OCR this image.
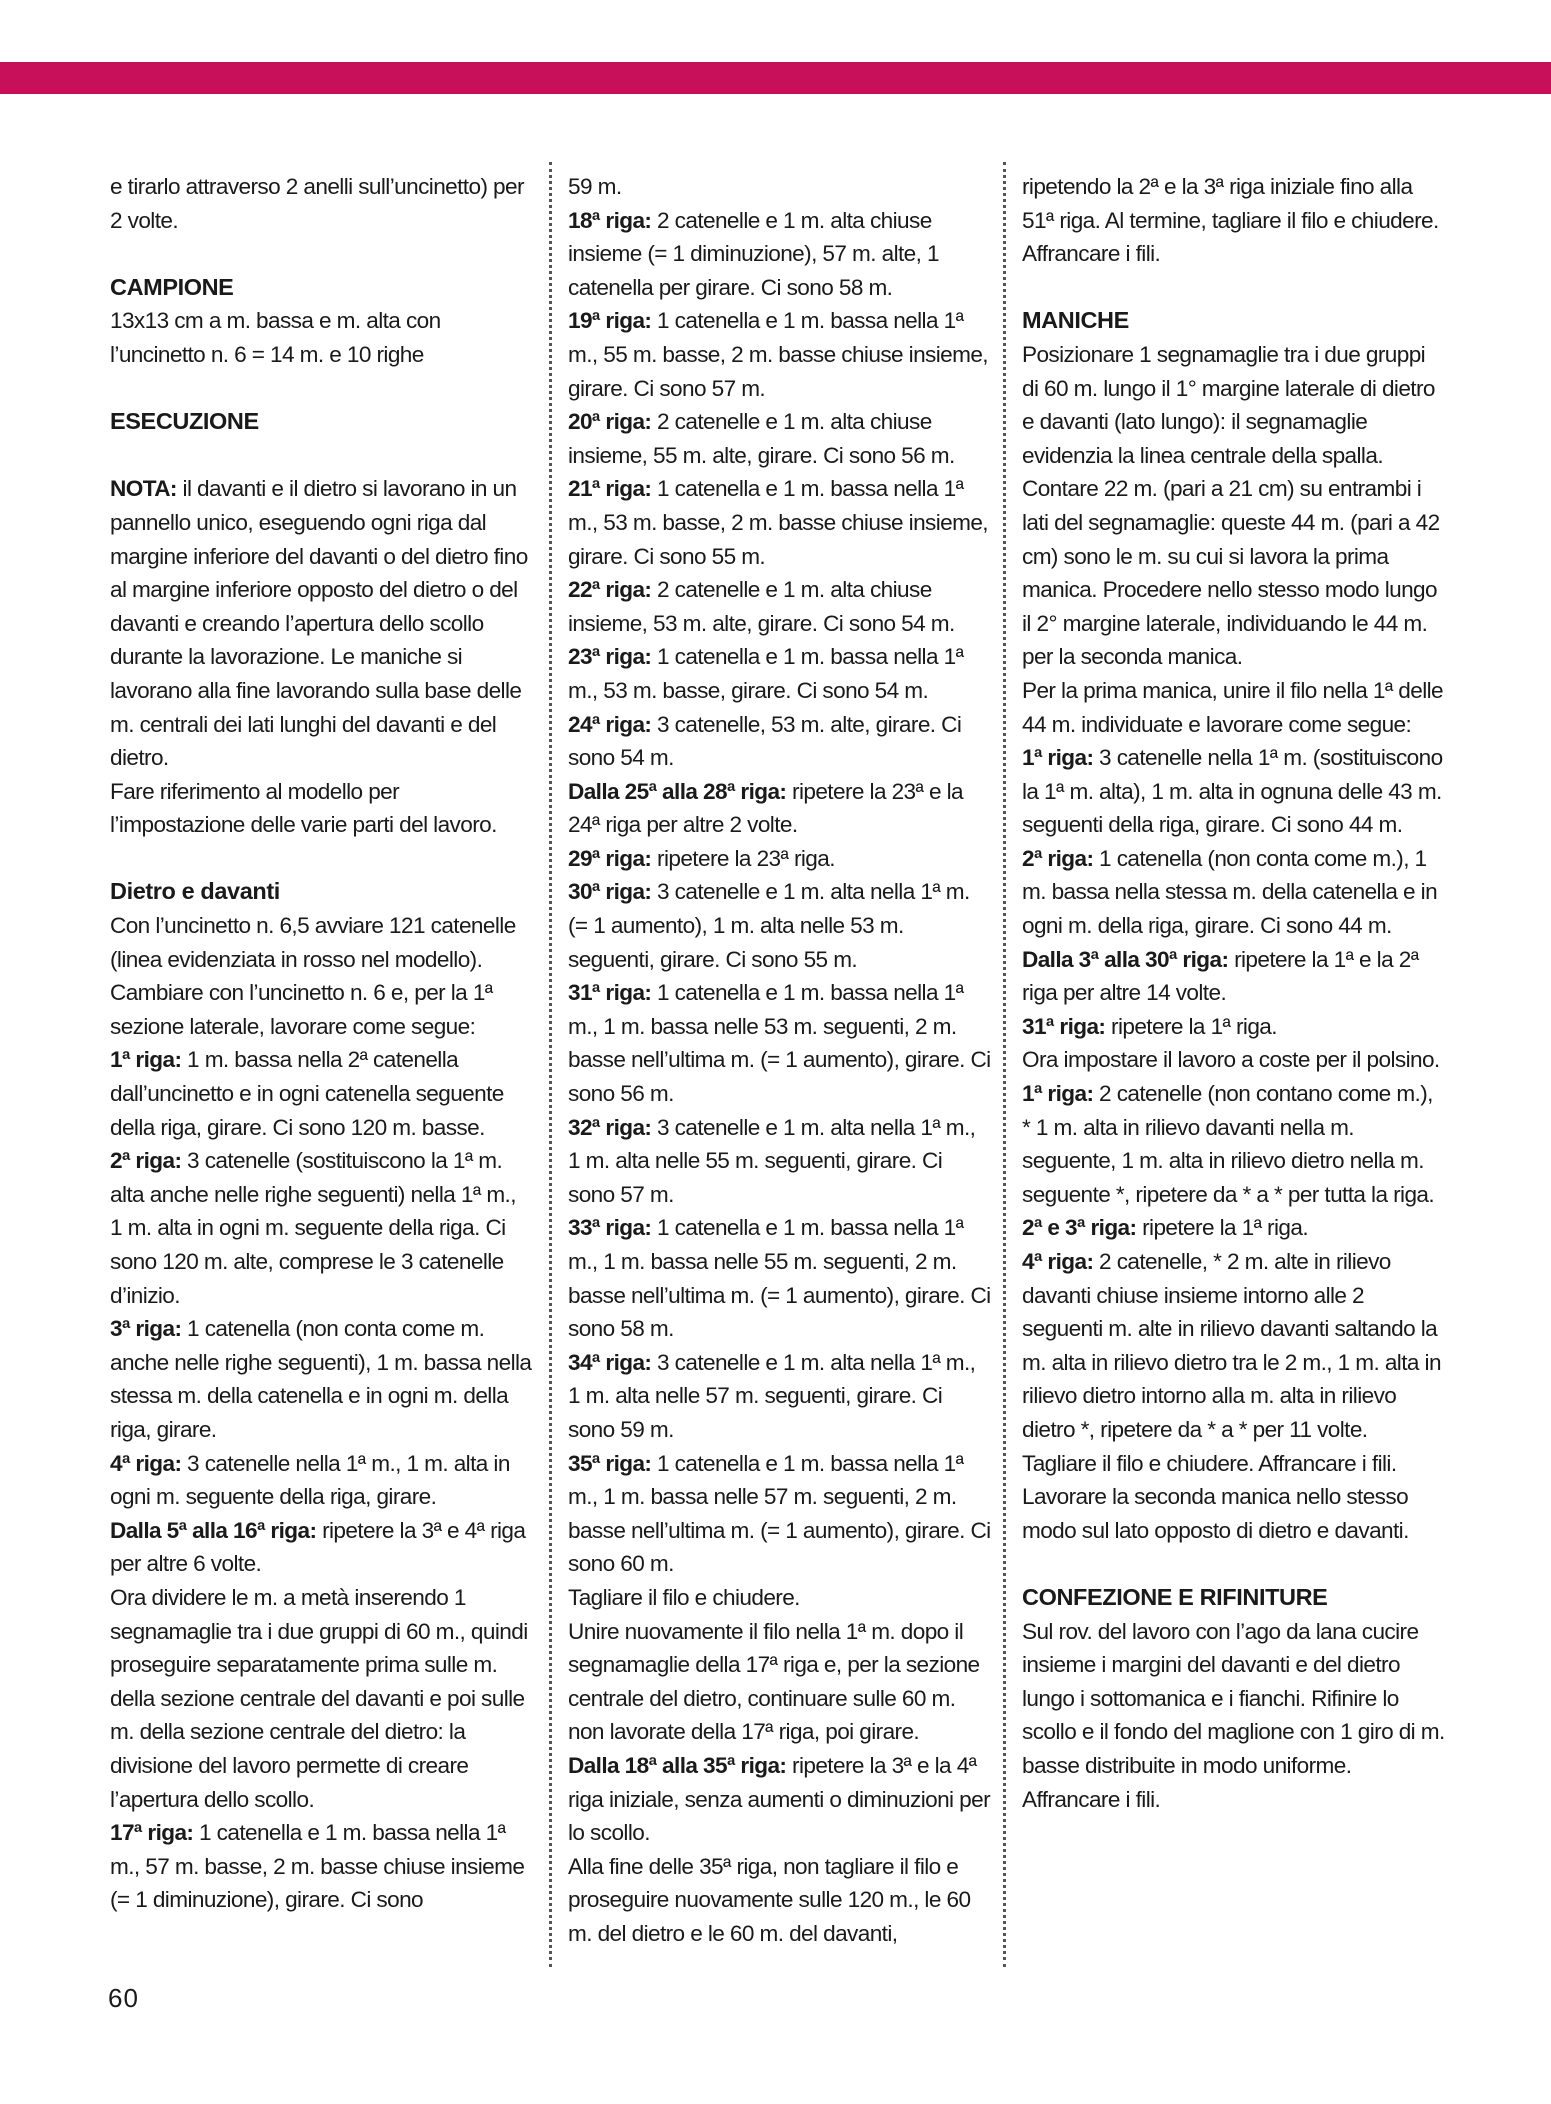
e tirarlo attraverso 2 anelli sull’uncinetto) per 2 volte.

CAMPIONE

13x13 cm a m. bassa e m. alta con l’uncinetto n. 6 = 14 m. e 10 righe

ESECUZIONE

NOTA: il davanti e il dietro si lavorano in un pannello unico, eseguendo ogni riga dal margine inferiore del davanti o del dietro fino al margine inferiore opposto del dietro o del davanti e creando l’apertura dello scollo durante la lavorazione. Le maniche si lavorano alla fine lavorando sulla base delle m. centrali dei lati lunghi del davanti e del dietro.

Fare riferimento al modello per l’impostazione delle varie parti del lavoro.

Dietro e davanti

Con l’uncinetto n. 6,5 avviare 121 catenelle (linea evidenziata in rosso nel modello). Cambiare con l’uncinetto n. 6 e, per la 1ª sezione laterale, lavorare come segue:

1ª riga: 1 m. bassa nella 2ª catenella dall’uncinetto e in ogni catenella seguente della riga, girare. Ci sono 120 m. basse.

2ª riga: 3 catenelle (sostituiscono la 1ª m. alta anche nelle righe seguenti) nella 1ª m., 1 m. alta in ogni m. seguente della riga. Ci sono 120 m. alte, comprese le 3 catenelle d’inizio.

3ª riga: 1 catenella (non conta come m. anche nelle righe seguenti), 1 m. bassa nella stessa m. della catenella e in ogni m. della riga, girare.

4ª riga: 3 catenelle nella 1ª m., 1 m. alta in ogni m. seguente della riga, girare.

Dalla 5ª alla 16ª riga: ripetere la 3ª e 4ª riga per altre 6 volte.

Ora dividere le m. a metà inserendo 1 segnamaglie tra i due gruppi di 60 m., quindi proseguire separatamente prima sulle m. della sezione centrale del davanti e poi sulle m. della sezione centrale del dietro: la divisione del lavoro permette di creare l’apertura dello scollo.

17ª riga: 1 catenella e 1 m. bassa nella 1ª m., 57 m. basse, 2 m. basse chiuse insieme (= 1 diminuzione), girare. Ci sono

59 m.

18ª riga: 2 catenelle e 1 m. alta chiuse insieme (= 1 diminuzione), 57 m. alte, 1 catenella per girare. Ci sono 58 m.

19ª riga: 1 catenella e 1 m. bassa nella 1ª m., 55 m. basse, 2 m. basse chiuse insieme, girare. Ci sono 57 m.

20ª riga: 2 catenelle e 1 m. alta chiuse insieme, 55 m. alte, girare. Ci sono 56 m.

21ª riga: 1 catenella e 1 m. bassa nella 1ª m., 53 m. basse, 2 m. basse chiuse insieme, girare. Ci sono 55 m.

22ª riga: 2 catenelle e 1 m. alta chiuse insieme, 53 m. alte, girare. Ci sono 54 m.

23ª riga: 1 catenella e 1 m. bassa nella 1ª m., 53 m. basse, girare. Ci sono 54 m.

24ª riga: 3 catenelle, 53 m. alte, girare. Ci sono 54 m.

Dalla 25ª alla 28ª riga: ripetere la 23ª e la 24ª riga per altre 2 volte.

29ª riga: ripetere la 23ª riga.

30ª riga: 3 catenelle e 1 m. alta nella 1ª m. (= 1 aumento), 1 m. alta nelle 53 m. seguenti, girare. Ci sono 55 m.

31ª riga: 1 catenella e 1 m. bassa nella 1ª m., 1 m. bassa nelle 53 m. seguenti, 2 m. basse nell’ultima m. (= 1 aumento), girare. Ci sono 56 m.

32ª riga: 3 catenelle e 1 m. alta nella 1ª m., 1 m. alta nelle 55 m. seguenti, girare. Ci sono 57 m.

33ª riga: 1 catenella e 1 m. bassa nella 1ª m., 1 m. bassa nelle 55 m. seguenti, 2 m. basse nell’ultima m. (= 1 aumento), girare. Ci sono 58 m.

34ª riga: 3 catenelle e 1 m. alta nella 1ª m., 1 m. alta nelle 57 m. seguenti, girare. Ci sono 59 m.

35ª riga: 1 catenella e 1 m. bassa nella 1ª m., 1 m. bassa nelle 57 m. seguenti, 2 m. basse nell’ultima m. (= 1 aumento), girare. Ci sono 60 m.

Tagliare il filo e chiudere.

Unire nuovamente il filo nella 1ª m. dopo il segnamaglie della 17ª riga e, per la sezione centrale del dietro, continuare sulle 60 m. non lavorate della 17ª riga, poi girare.

Dalla 18ª alla 35ª riga: ripetere la 3ª e la 4ª riga iniziale, senza aumenti o diminuzioni per lo scollo.

Alla fine delle 35ª riga, non tagliare il filo e proseguire nuovamente sulle 120 m., le 60 m. del dietro e le 60 m. del davanti,

ripetendo la 2ª e la 3ª riga iniziale fino alla 51ª riga. Al termine, tagliare il filo e chiudere. Affrancare i fili.

MANICHE

Posizionare 1 segnamaglie tra i due gruppi di 60 m. lungo il 1° margine laterale di dietro e davanti (lato lungo): il segnamaglie evidenzia la linea centrale della spalla. Contare 22 m. (pari a 21 cm) su entrambi i lati del segnamaglie: queste 44 m. (pari a 42 cm) sono le m. su cui si lavora la prima manica. Procedere nello stesso modo lungo il 2° margine laterale, individuando le 44 m. per la seconda manica.

Per la prima manica, unire il filo nella 1ª delle 44 m. individuate e lavorare come segue:

1ª riga: 3 catenelle nella 1ª m. (sostituiscono la 1ª m. alta), 1 m. alta in ognuna delle 43 m. seguenti della riga, girare. Ci sono 44 m.

2ª riga: 1 catenella (non conta come m.), 1 m. bassa nella stessa m. della catenella e in ogni m. della riga, girare. Ci sono 44 m.

Dalla 3ª alla 30ª riga: ripetere la 1ª e la 2ª riga per altre 14 volte.

31ª riga: ripetere la 1ª riga.

Ora impostare il lavoro a coste per il polsino.

1ª riga: 2 catenelle (non contano come m.), * 1 m. alta in rilievo davanti nella m. seguente, 1 m. alta in rilievo dietro nella m. seguente *, ripetere da * a * per tutta la riga.

2ª e 3ª riga: ripetere la 1ª riga.

4ª riga: 2 catenelle, * 2 m. alte in rilievo davanti chiuse insieme intorno alle 2 seguenti m. alte in rilievo davanti saltando la m. alta in rilievo dietro tra le 2 m., 1 m. alta in rilievo dietro intorno alla m. alta in rilievo dietro *, ripetere da * a * per 11 volte.

Tagliare il filo e chiudere. Affrancare i fili.

Lavorare la seconda manica nello stesso modo sul lato opposto di dietro e davanti.

CONFEZIONE E RIFINITURE

Sul rov. del lavoro con l’ago da lana cucire insieme i margini del davanti e del dietro lungo i sottomanica e i fianchi. Rifinire lo scollo e il fondo del maglione con 1 giro di m. basse distribuite in modo uniforme. Affrancare i fili.

60
